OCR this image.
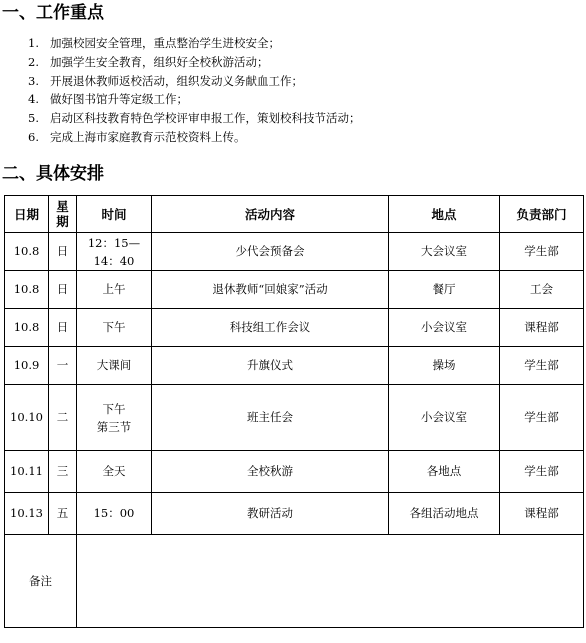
一、工作重点
1. 加强校园安全管理，重点整治学生进校安全；
2. 加强学生安全教育，组织好全校秋游活动；
3. 开展退休教师返校活动，组织发动义务献血工作；
4. 做好图书馆升等定级工作；
5. 启动区科技教育特色学校评审申报工作，策划校科技节活动；
6. 完成上海市家庭教育示范校资料上传。
二、具体安排
日期	星期	时间	活动内容	地点	负责部门
10.8	日	12：15—
14：40	少代会预备会	大会议室	学生部
10.8	日	上午	退休教师“回娘家”活动	餐厅	工会
10.8	日	下午	科技组工作会议	小会议室	课程部
10.9	一	大课间	升旗仪式	操场	学生部
10.10	二	下午
第三节	班主任会	小会议室	学生部
10.11	三	全天	全校秋游	各地点	学生部
10.13	五	15：00	教研活动	各组活动地点	课程部
备注					
